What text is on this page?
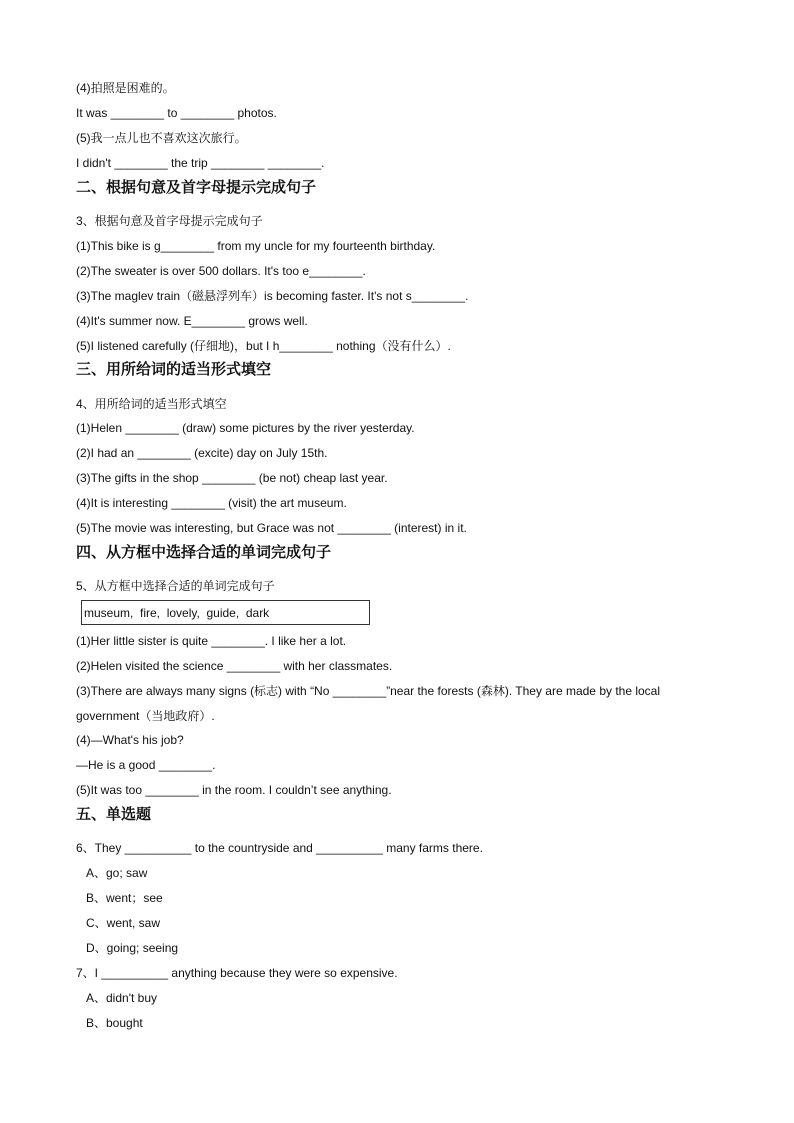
(4)拍照是困难的。
It was ________ to ________ photos.
(5)我一点儿也不喜欢这次旅行。
I didn't ________ the trip ________ ________.
二、根据句意及首字母提示完成句子
3、根据句意及首字母提示完成句子
(1)This bike is g________ from my uncle for my fourteenth birthday.
(2)The sweater is over 500 dollars. It's too e________.
(3)The maglev train（磁悬浮列车）is becoming faster. It's not s________.
(4)It's summer now. E________ grows well.
(5)I listened carefully (仔细地)，but I h________ nothing（没有什么）.
三、用所给词的适当形式填空
4、用所给词的适当形式填空
(1)Helen ________ (draw) some pictures by the river yesterday.
(2)I had an ________ (excite) day on July 15th.
(3)The gifts in the shop ________ (be not) cheap last year.
(4)It is interesting ________ (visit) the art museum.
(5)The movie was interesting, but Grace was not ________ (interest) in it.
四、从方框中选择合适的单词完成句子
5、从方框中选择合适的单词完成句子
museum,  fire,  lovely,  guide,  dark
(1)Her little sister is quite ________. I like her a lot.
(2)Helen visited the science ________ with her classmates.
(3)There are always many signs (标志) with “No ________”near the forests (森林). They are made by the local
government（当地政府）.
(4)—What's his job?
—He is a good ________.
(5)It was too ________ in the room. I couldn’t see anything.
五、单选题
6、They __________ to the countryside and __________ many farms there.
A、go; saw
B、went；see
C、went, saw
D、going; seeing
7、I __________ anything because they were so expensive.
A、didn't buy
B、bought
